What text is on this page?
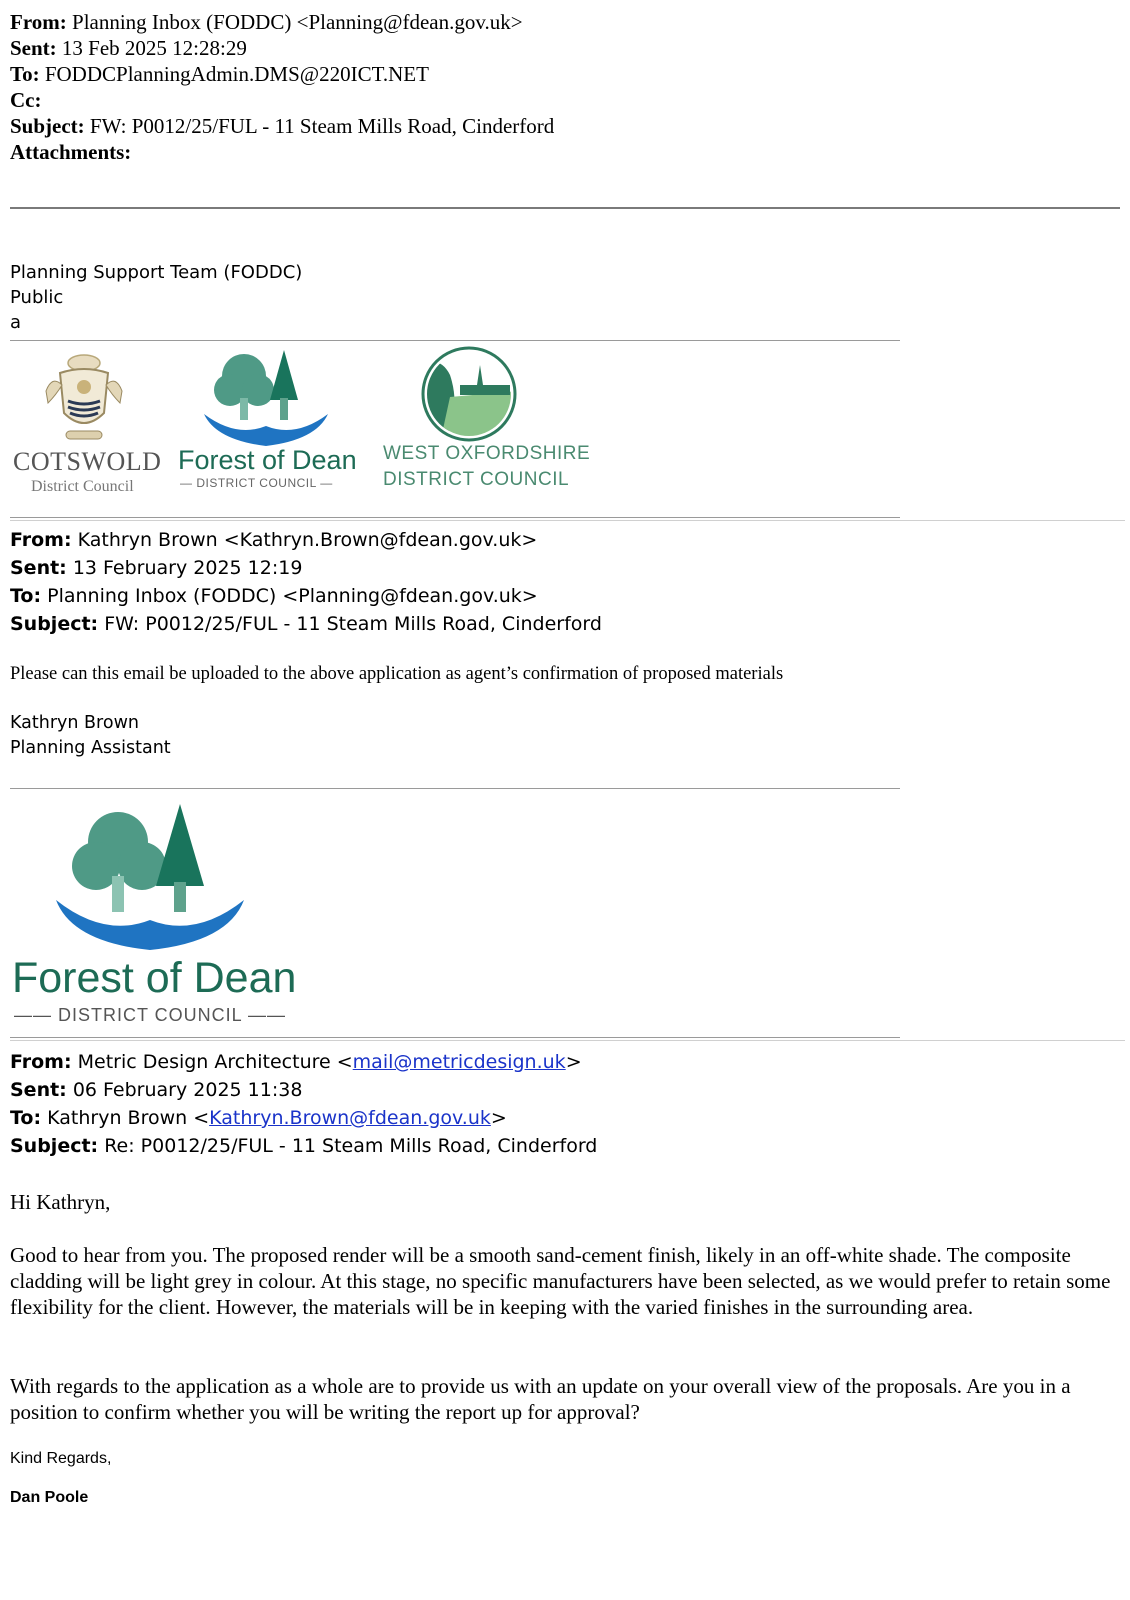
From: Planning Inbox (FODDC) <Planning@fdean.gov.uk>
Sent: 13 Feb 2025 12:28:29
To: FODDCPlanningAdmin.DMS@220ICT.NET
Cc:
Subject: FW: P0012/25/FUL - 11 Steam Mills Road, Cinderford
Attachments:
Planning Support Team (FODDC)
Public
a
COTSWOLD
District Council
Forest of Dean
— DISTRICT COUNCIL —
WEST OXFORDSHIRE
DISTRICT COUNCIL
From: Kathryn Brown <Kathryn.Brown@fdean.gov.uk>
Sent: 13 February 2025 12:19
To: Planning Inbox (FODDC) <Planning@fdean.gov.uk>
Subject: FW: P0012/25/FUL - 11 Steam Mills Road, Cinderford
Please can this email be uploaded to the above application as agent’s confirmation of proposed materials
Kathryn Brown
Planning Assistant
Forest of Dean
—— DISTRICT COUNCIL ——
From: Metric Design Architecture <mail@metricdesign.uk>
Sent: 06 February 2025 11:38
To: Kathryn Brown <Kathryn.Brown@fdean.gov.uk>
Subject: Re: P0012/25/FUL - 11 Steam Mills Road, Cinderford
Hi Kathryn,
Good to hear from you. The proposed render will be a smooth sand-cement finish, likely in an off-white shade. The composite cladding will be light grey in colour. At this stage, no specific manufacturers have been selected, as we would prefer to retain some flexibility for the client. However, the materials will be in keeping with the varied finishes in the surrounding area.
With regards to the application as a whole are to provide us with an update on your overall view of the proposals. Are you in a position to confirm whether you will be writing the report up for approval?
Kind Regards,
Dan Poole
